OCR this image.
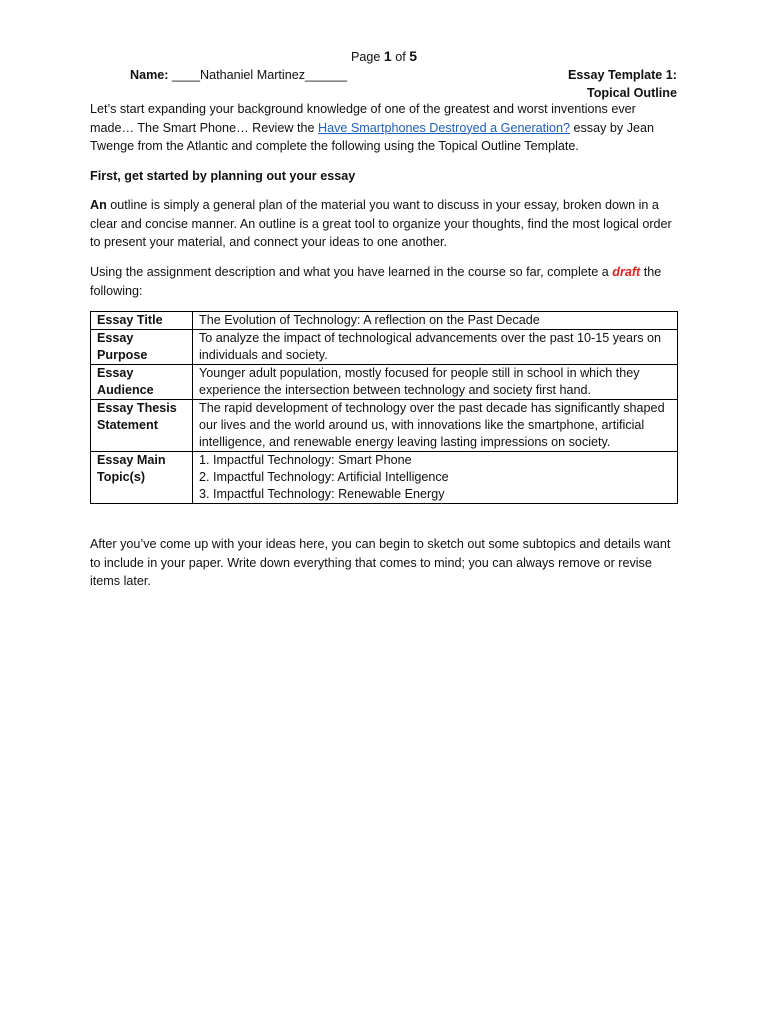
Page 1 of 5
Name: ____Nathaniel Martinez______	Essay Template 1:
Topical Outline

Let’s start expanding your background knowledge of one of the greatest and worst inventions ever made… The Smart Phone… Review the Have Smartphones Destroyed a Generation? essay by Jean Twenge from the Atlantic and complete the following using the Topical Outline Template.

First, get started by planning out your essay

An outline is simply a general plan of the material you want to discuss in your essay, broken down in a clear and concise manner. An outline is a great tool to organize your thoughts, find the most logical order to present your material, and connect your ideas to one another.

Using the assignment description and what you have learned in the course so far, complete a draft the following:

Essay Title	The Evolution of Technology: A reflection on the Past Decade

Essay Purpose	To analyze the impact of technological advancements over the past 10-15 years on individuals and society.

Essay Audience	Younger adult population, mostly focused for people still in school in which they experience the intersection between technology and society first hand.

Essay Thesis Statement	The rapid development of technology over the past decade has significantly shaped our lives and the world around us, with innovations like the smartphone, artificial intelligence, and renewable energy leaving lasting impressions on society.

Essay Main Topic(s)	1. Impactful Technology: Smart Phone
2. Impactful Technology: Artificial Intelligence
3. Impactful Technology: Renewable Energy

After you’ve come up with your ideas here, you can begin to sketch out some subtopics and details want to include in your paper. Write down everything that comes to mind; you can always remove or revise items later.
